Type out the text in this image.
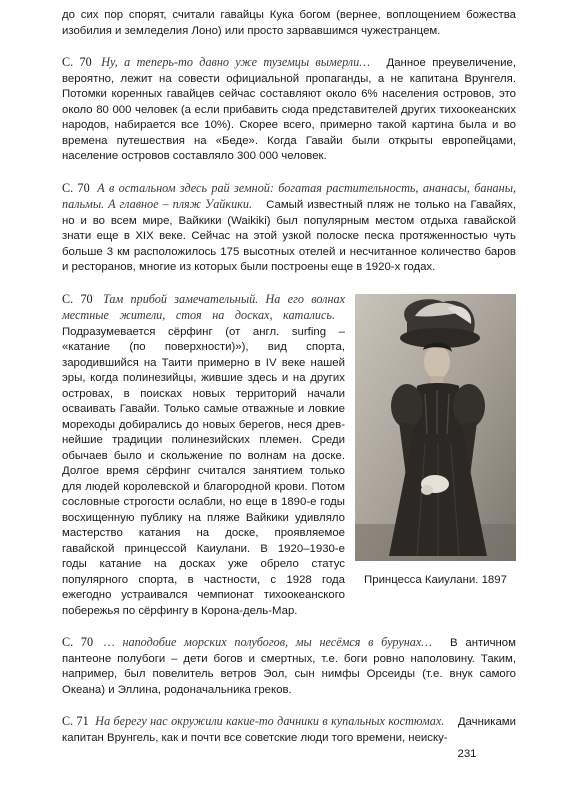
до сих пор спорят, считали гавайцы Кука богом (вернее, воплощением божества изобилия и земледелия Лоно) или просто зарвавшимся чужестранцем.

С. 70 Ну, а теперь-то давно уже туземцы вымерли… Данное преувеличение, вероятно, лежит на совести официальной пропаганды, а не капитана Врунгеля. Потомки коренных гавайцев сейчас составляют около 6% населения островов, это около 80 000 человек (а если прибавить сюда представителей других тихоокеанских народов, набирается все 10%). Скорее всего, примерно такой картина была и во времена путешествия на «Беде». Когда Гавайи были открыты европейцами, население островов составляло 300 000 человек.

С. 70 А в остальном здесь рай земной: богатая растительность, ананасы, бананы, пальмы. А главное – пляж Уайкики. Самый известный пляж не только на Гавайях, но и во всем мире, Вайкики (Waikiki) был популярным местом отдыха гавайской знати еще в XIX веке. Сейчас на этой узкой полоске песка протяженностью чуть больше 3 км расположилось 175 высотных отелей и несчитанное количество баров и ресторанов, многие из которых были построены еще в 1920-х годах.

Принцесса Каиулани. 1897

С. 70 Там прибой замечательный. На его волнах местные жители, стоя на досках, катались. Подразумевается сёрфинг (от англ. surfing – «катание (по поверхности)»), вид спорта, зародившийся на Таити примерно в IV веке нашей эры, когда полинезийцы, жившие здесь и на других островах, в поисках новых территорий начали осваивать Гавайи. Только самые отважные и ловкие мореходы добирались до новых берегов, неся древнейшие традиции полинезийских племен. Среди обычаев было и скольжение по волнам на доске. Долгое время сёрфинг считался занятием только для людей королевской и благородной крови. Потом сословные строгости ослабли, но еще в 1890-е годы восхищенную публику на пляже Вайкики удивляло мастерство катания на доске, проявляемое гавайской принцессой Каиулани. В 1920–1930-е годы катание на досках уже обрело статус популярного спорта, в частности, с 1928 года ежегодно устраивался чемпионат тихоокеанского побережья по сёрфингу в Корона-дель-Мар.

С. 70 … наподобие морских полубогов, мы несёмся в бурунах… В античном пантеоне полубоги – дети богов и смертных, т.е. боги ровно наполовину. Таким, например, был повелитель ветров Эол, сын нимфы Орсеиды (т.е. внук самого Океана) и Эллина, родоначальника греков.

С. 71 На берегу нас окружили какие-то дачники в купальных костюмах. Дачниками капитан Врунгель, как и почти все советские люди того времени, неиску-

231
